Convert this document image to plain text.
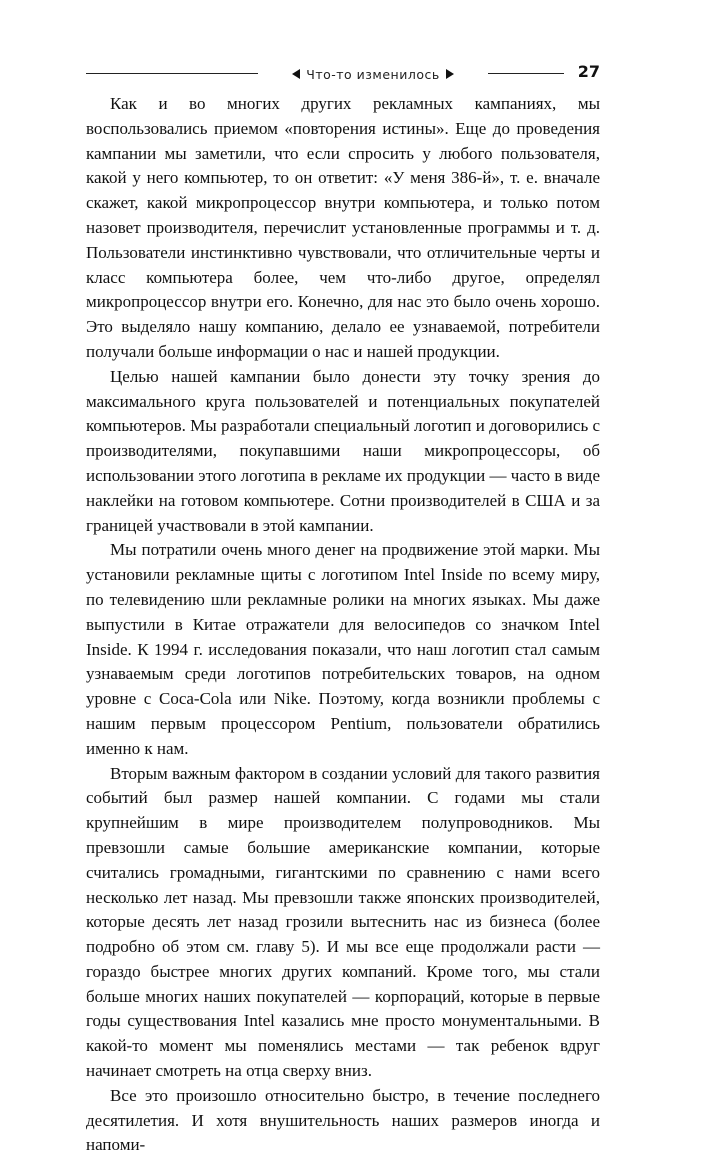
Что-то изменилось	27

Как и во многих других рекламных кампаниях, мы воспользовались приемом «повторения истины». Еще до проведения кампании мы заметили, что если спросить у любого пользователя, какой у него компьютер, то он ответит: «У меня 386-й», т. е. вначале скажет, какой микропроцессор внутри компьютера, и только потом назовет производителя, перечислит установленные программы и т. д. Пользователи инстинктивно чувствовали, что отличительные черты и класс компьютера более, чем что-либо другое, определял микропроцессор внутри его. Конечно, для нас это было очень хорошо. Это выделяло нашу компанию, делало ее узнаваемой, потребители получали больше информации о нас и нашей продукции.

Целью нашей кампании было донести эту точку зрения до максимального круга пользователей и потенциальных покупателей компьютеров. Мы разработали специальный логотип и договорились с производителями, покупавшими наши микропроцессоры, об использовании этого логотипа в рекламе их продукции — часто в виде наклейки на готовом компьютере. Сотни производителей в США и за границей участвовали в этой кампании.

Мы потратили очень много денег на продвижение этой марки. Мы установили рекламные щиты с логотипом Intel Inside по всему миру, по телевидению шли рекламные ролики на многих языках. Мы даже выпустили в Китае отражатели для велосипедов со значком Intel Inside. К 1994 г. исследования показали, что наш логотип стал самым узнаваемым среди логотипов потребительских товаров, на одном уровне с Coca-Cola или Nike. Поэтому, когда возникли проблемы с нашим первым процессором Pentium, пользователи обратились именно к нам.

Вторым важным фактором в создании условий для такого развития событий был размер нашей компании. С годами мы стали крупнейшим в мире производителем полупроводников. Мы превзошли самые большие американские компании, которые считались громадными, гигантскими по сравнению с нами всего несколько лет назад. Мы превзошли также японских производителей, которые десять лет назад грозили вытеснить нас из бизнеса (более подробно об этом см. главу 5). И мы все еще продолжали расти — гораздо быстрее многих других компаний. Кроме того, мы стали больше многих наших покупателей — корпораций, которые в первые годы существования Intel казались мне просто монументальными. В какой-то момент мы поменялись местами — так ребенок вдруг начинает смотреть на отца сверху вниз.

Все это произошло относительно быстро, в течение последнего десятилетия. И хотя внушительность наших размеров иногда и напоми-
